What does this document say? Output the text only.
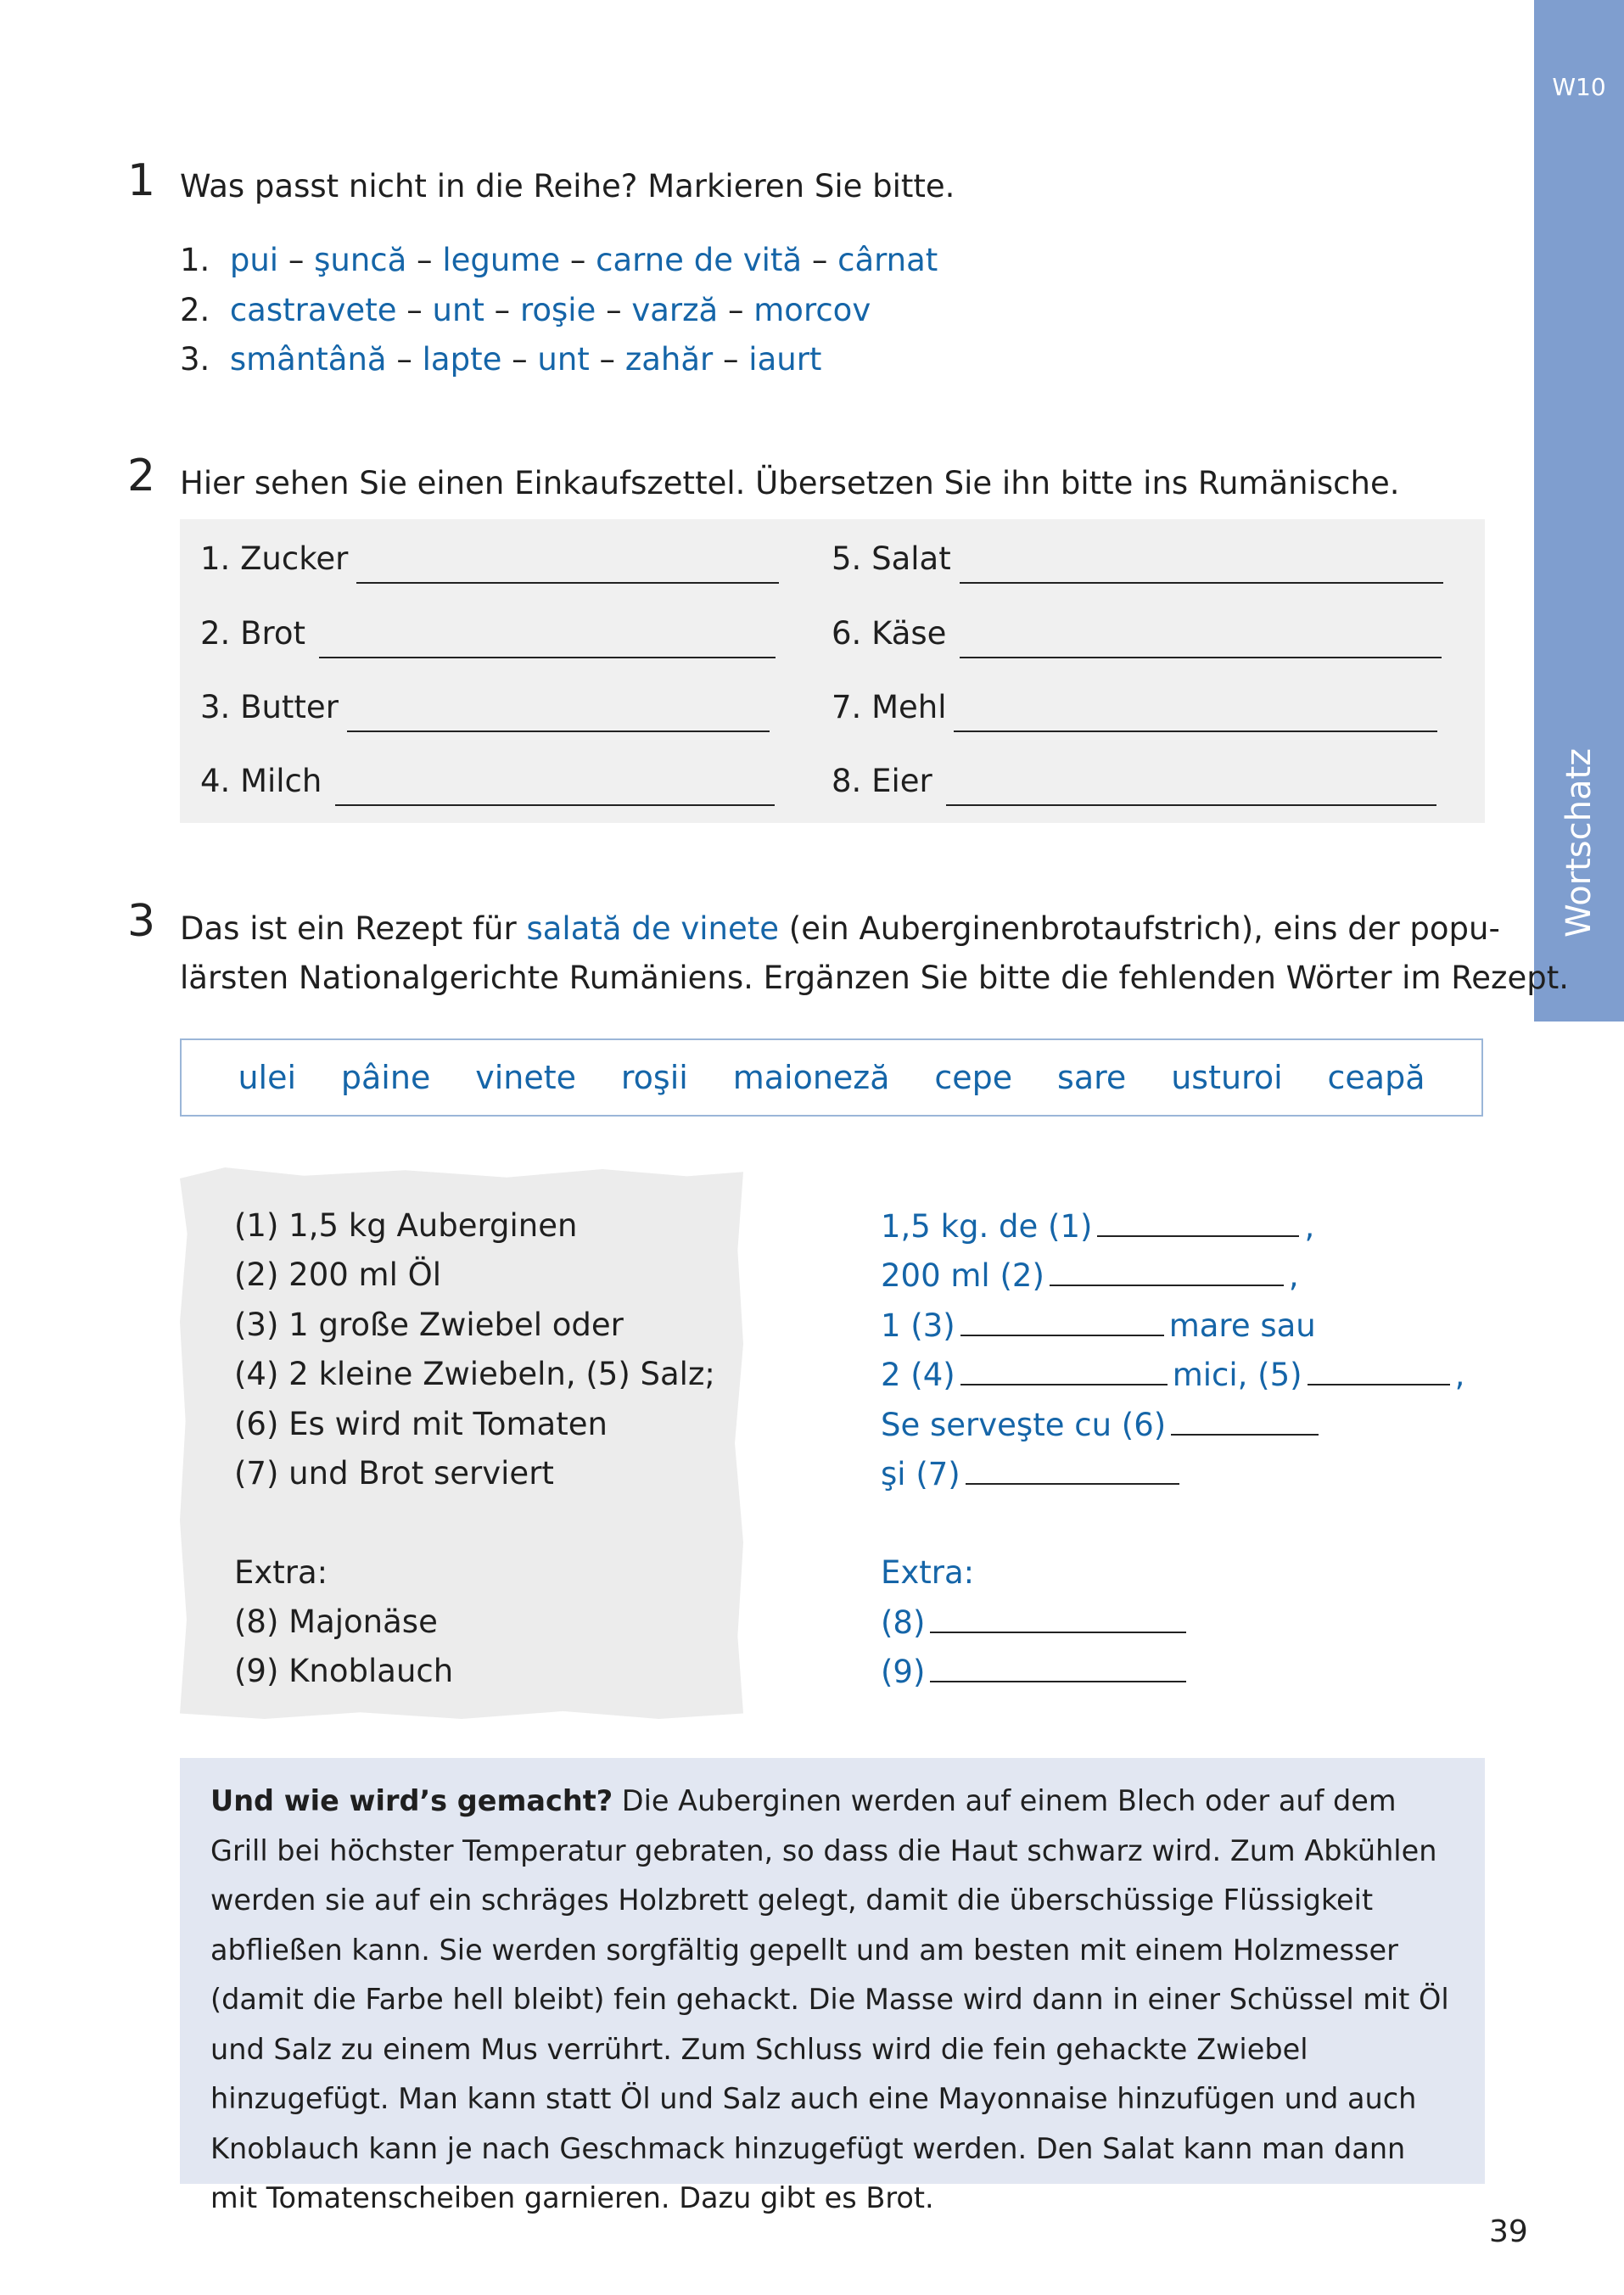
W10
Wortschatz
1 Was passt nicht in die Reihe? Markieren Sie bitte.
1. pui – şuncă – legume – carne de vită – cârnat
2. castravete – unt – roşie – varză – morcov
3. smântână – lapte – unt – zahăr – iaurt
2 Hier sehen Sie einen Einkaufszettel. Übersetzen Sie ihn bitte ins Rumänische.
1.
Zucker
2.
Brot
3.
Butter
4.
Milch
5.
Salat
6.
Käse
7.
Mehl
8.
Eier
3 Das ist ein Rezept für salată de vinete (ein Auberginenbrotaufstrich), eins der popu-
lärsten Nationalgerichte Rumäniens. Ergänzen Sie bitte die fehlenden Wörter im Rezept.
ulei pâine vinete roşii maioneză cepe sare usturoi ceapă
(1) 1,5 kg Auberginen
(2) 200 ml Öl
(3) 1 große Zwiebel oder
(4) 2 kleine Zwiebeln, (5) Salz;
(6) Es wird mit Tomaten
(7) und Brot serviert
Extra:
(8) Majonäse
(9) Knoblauch
1,5 kg. de (1)	,
200 ml (2)	,
1 (3)	mare sau
2 (4)	mici, (5)	,
Se serveşte cu (6)
şi (7)
Extra:
(8)
(9)
Und wie wird’s gemacht? Die Auberginen werden auf einem Blech oder auf dem Grill bei höchster Temperatur gebraten, so dass die Haut schwarz wird. Zum Abkühlen werden sie auf ein schräges Holzbrett gelegt, damit die überschüssige Flüssigkeit abfließen kann. Sie werden sorgfältig gepellt und am besten mit einem Holzmesser (damit die Farbe hell bleibt) fein gehackt. Die Masse wird dann in einer Schüssel mit Öl und Salz zu einem Mus verrührt. Zum Schluss wird die fein gehackte Zwiebel hinzugefügt. Man kann statt Öl und Salz auch eine Mayonnaise hinzufügen und auch Knoblauch kann je nach Geschmack hinzugefügt werden. Den Salat kann man dann mit Tomatenscheiben garnieren. Dazu gibt es Brot.
39
